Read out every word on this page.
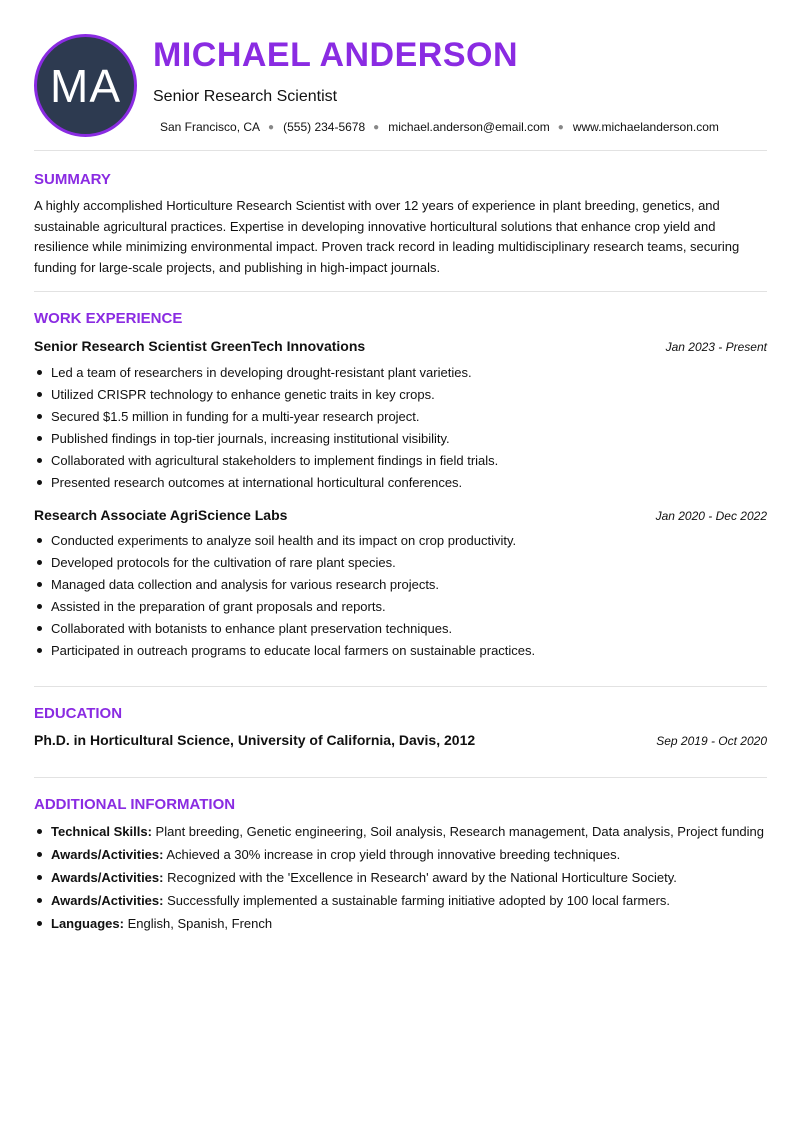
MA
MICHAEL ANDERSON
Senior Research Scientist
San Francisco, CA ● (555) 234-5678 ● michael.anderson@email.com ● www.michaelanderson.com
SUMMARY

A highly accomplished Horticulture Research Scientist with over 12 years of experience in plant breeding, genetics, and sustainable agricultural practices. Expertise in developing innovative horticultural solutions that enhance crop yield and resilience while minimizing environmental impact. Proven track record in leading multidisciplinary research teams, securing funding for large-scale projects, and publishing in high-impact journals.

WORK EXPERIENCE
Senior Research Scientist GreenTech Innovations	Jan 2023 - Present
Led a team of researchers in developing drought-resistant plant varieties.
Utilized CRISPR technology to enhance genetic traits in key crops.
Secured $1.5 million in funding for a multi-year research project.
Published findings in top-tier journals, increasing institutional visibility.
Collaborated with agricultural stakeholders to implement findings in field trials.
Presented research outcomes at international horticultural conferences.
Research Associate AgriScience Labs	Jan 2020 - Dec 2022
Conducted experiments to analyze soil health and its impact on crop productivity.
Developed protocols for the cultivation of rare plant species.
Managed data collection and analysis for various research projects.
Assisted in the preparation of grant proposals and reports.
Collaborated with botanists to enhance plant preservation techniques.
Participated in outreach programs to educate local farmers on sustainable practices.
EDUCATION
Ph.D. in Horticultural Science, University of California, Davis, 2012	Sep 2019 - Oct 2020
ADDITIONAL INFORMATION
Technical Skills: Plant breeding, Genetic engineering, Soil analysis, Research management, Data analysis, Project funding
Awards/Activities: Achieved a 30% increase in crop yield through innovative breeding techniques.
Awards/Activities: Recognized with the 'Excellence in Research' award by the National Horticulture Society.
Awards/Activities: Successfully implemented a sustainable farming initiative adopted by 100 local farmers.
Languages: English, Spanish, French
